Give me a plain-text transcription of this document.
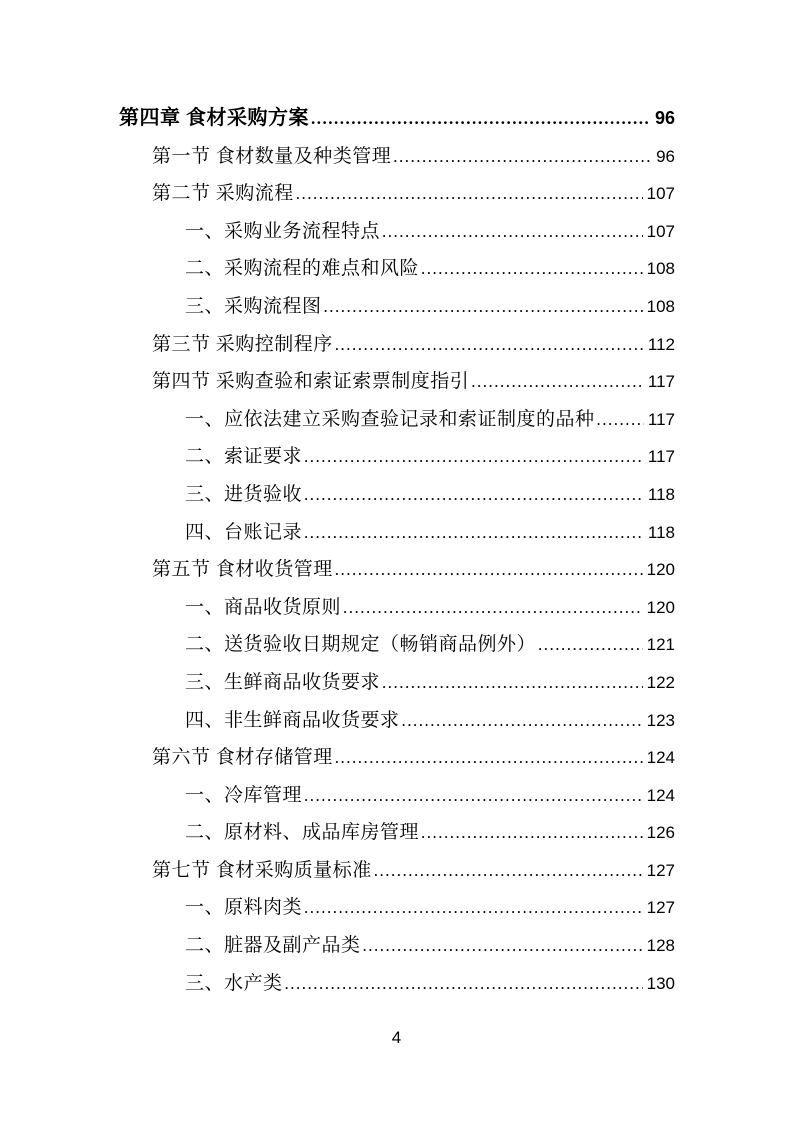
第四章 食材采购方案 .....	96
第一节 食材数量及种类管理 .....	96
第二节 采购流程 .....	107
一、采购业务流程特点 .....	107
二、采购流程的难点和风险 .....	108
三、采购流程图 .....	108
第三节 采购控制程序 .....	112
第四节 采购查验和索证索票制度指引 .....	117
一、应依法建立采购查验记录和索证制度的品种 .....	117
二、索证要求 .....	117
三、进货验收 .....	118
四、台账记录 .....	118
第五节 食材收货管理 .....	120
一、商品收货原则 .....	120
二、送货验收日期规定（畅销商品例外） .....	121
三、生鲜商品收货要求 .....	122
四、非生鲜商品收货要求 .....	123
第六节 食材存储管理 .....	124
一、冷库管理 .....	124
二、原材料、成品库房管理 .....	126
第七节 食材采购质量标准 .....	127
一、原料肉类 .....	127
二、脏器及副产品类 .....	128
三、水产类 .....	130
4
